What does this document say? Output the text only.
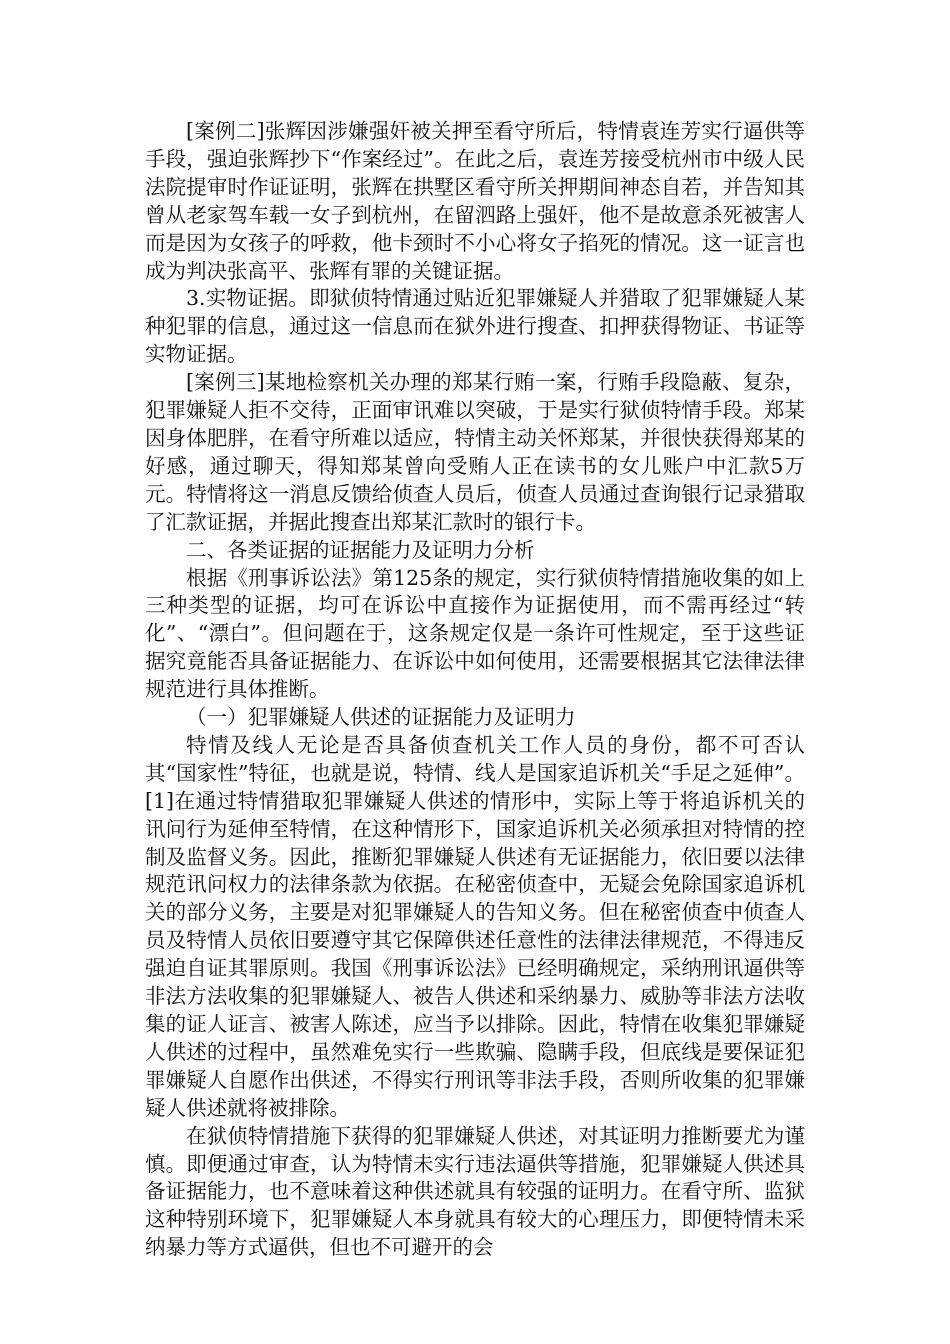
[案例二]张辉因涉嫌强奸被关押至看守所后，特情袁连芳实行逼供等手段，强迫张辉抄下“作案经过”。在此之后，袁连芳接受杭州市中级人民法院提审时作证证明，张辉在拱墅区看守所关押期间神态自若，并告知其曾从老家驾车载一女子到杭州，在留泗路上强奸，他不是故意杀死被害人而是因为女孩子的呼救，他卡颈时不小心将女子掐死的情况。这一证言也成为判决张高平、张辉有罪的关键证据。

3.实物证据。即狱侦特情通过贴近犯罪嫌疑人并猎取了犯罪嫌疑人某种犯罪的信息，通过这一信息而在狱外进行搜查、扣押获得物证、书证等实物证据。

[案例三]某地检察机关办理的郑某行贿一案，行贿手段隐蔽、复杂，犯罪嫌疑人拒不交待，正面审讯难以突破，于是实行狱侦特情手段。郑某因身体肥胖，在看守所难以适应，特情主动关怀郑某，并很快获得郑某的好感，通过聊天，得知郑某曾向受贿人正在读书的女儿账户中汇款5万元。特情将这一消息反馈给侦查人员后，侦查人员通过查询银行记录猎取了汇款证据，并据此搜查出郑某汇款时的银行卡。

二、各类证据的证据能力及证明力分析

根据《刑事诉讼法》第125条的规定，实行狱侦特情措施收集的如上三种类型的证据，均可在诉讼中直接作为证据使用，而不需再经过“转化”、“漂白”。但问题在于，这条规定仅是一条许可性规定，至于这些证据究竟能否具备证据能力、在诉讼中如何使用，还需要根据其它法律法律规范进行具体推断。

（一）犯罪嫌疑人供述的证据能力及证明力

特情及线人无论是否具备侦查机关工作人员的身份，都不可否认其“国家性”特征，也就是说，特情、线人是国家追诉机关“手足之延伸”。[1]在通过特情猎取犯罪嫌疑人供述的情形中，实际上等于将追诉机关的讯问行为延伸至特情，在这种情形下，国家追诉机关必须承担对特情的控制及监督义务。因此，推断犯罪嫌疑人供述有无证据能力，依旧要以法律规范讯问权力的法律条款为依据。在秘密侦查中，无疑会免除国家追诉机关的部分义务，主要是对犯罪嫌疑人的告知义务。但在秘密侦查中侦查人员及特情人员依旧要遵守其它保障供述任意性的法律法律规范，不得违反强迫自证其罪原则。我国《刑事诉讼法》已经明确规定，采纳刑讯逼供等非法方法收集的犯罪嫌疑人、被告人供述和采纳暴力、威胁等非法方法收集的证人证言、被害人陈述，应当予以排除。因此，特情在收集犯罪嫌疑人供述的过程中，虽然难免实行一些欺骗、隐瞒手段，但底线是要保证犯罪嫌疑人自愿作出供述，不得实行刑讯等非法手段，否则所收集的犯罪嫌疑人供述就将被排除。

在狱侦特情措施下获得的犯罪嫌疑人供述，对其证明力推断要尤为谨慎。即便通过审查，认为特情未实行违法逼供等措施，犯罪嫌疑人供述具备证据能力，也不意味着这种供述就具有较强的证明力。在看守所、监狱这种特别环境下，犯罪嫌疑人本身就具有较大的心理压力，即便特情未采纳暴力等方式逼供，但也不可避开的会
